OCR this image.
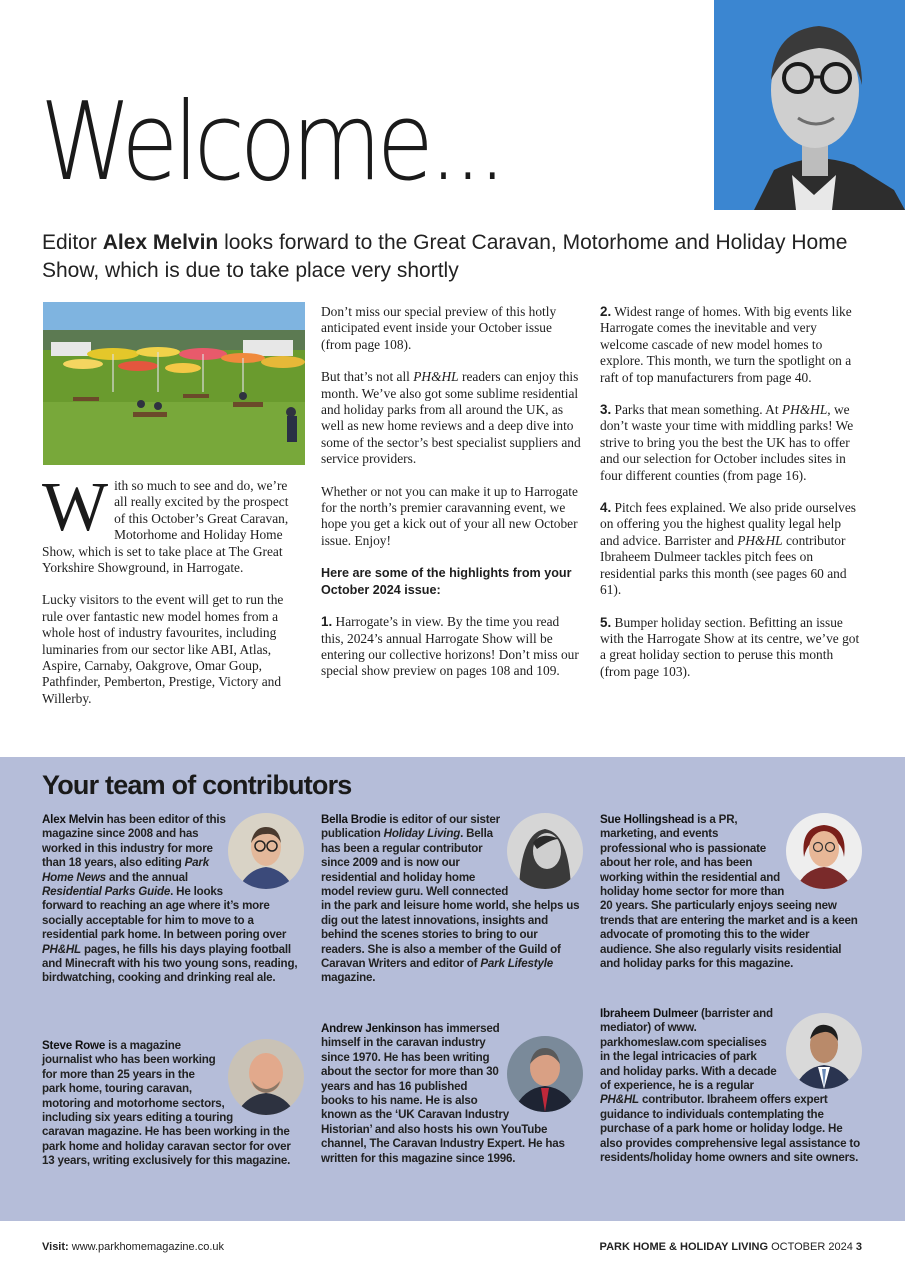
Welcome...
Editor Alex Melvin looks forward to the Great Caravan, Motorhome and Holiday Home Show, which is due to take place very shortly

With so much to see and do, we’re all really excited by the prospect of this October’s Great Caravan, Motorhome and Holiday Home Show, which is set to take place at The Great Yorkshire Showground, in Harrogate.

Lucky visitors to the event will get to run the rule over fantastic new model homes from a whole host of industry favourites, including luminaries from our sector like ABI, Atlas, Aspire, Carnaby, Oakgrove, Omar Goup, Pathfinder, Pemberton, Prestige, Victory and Willerby.

Don’t miss our special preview of this hotly anticipated event inside your October issue (from page 108).

But that’s not all PH&HL readers can enjoy this month. We’ve also got some sublime residential and holiday parks from all around the UK, as well as new home reviews and a deep dive into some of the sector’s best specialist suppliers and service providers.

Whether or not you can make it up to Harrogate for the north’s premier caravanning event, we hope you get a kick out of your all new October issue. Enjoy!

Here are some of the highlights from your October 2024 issue:

1. Harrogate’s in view. By the time you read this, 2024’s annual Harrogate Show will be entering our collective horizons! Don’t miss our special show preview on pages 108 and 109.

2. Widest range of homes. With big events like Harrogate comes the inevitable and very welcome cascade of new model homes to explore. This month, we turn the spotlight on a raft of top manufacturers from page 40.

3. Parks that mean something. At PH&HL, we don’t waste your time with middling parks! We strive to bring you the best the UK has to offer and our selection for October includes sites in four different counties (from page 16).

4. Pitch fees explained. We also pride ourselves on offering you the highest quality legal help and advice. Barrister and PH&HL contributor Ibraheem Dulmeer tackles pitch fees on residential parks this month (see pages 60 and 61).

5. Bumper holiday section. Befitting an issue with the Harrogate Show at its centre, we’ve got a great holiday section to peruse this month (from page 103).

Your team of contributors
Alex Melvin has been editor of this magazine since 2008 and has worked in this industry for more than 18 years, also editing Park Home News and the annual Residential Parks Guide. He looks forward to reaching an age where it’s more socially acceptable for him to move to a residential park home. In between poring over PH&HL pages, he fills his days playing football and Minecraft with his two young sons, reading, birdwatching, cooking and drinking real ale.
Steve Rowe is a magazine journalist who has been working for more than 25 years in the park home, touring caravan, motoring and motorhome sectors, including six years editing a touring caravan magazine. He has been working in the park home and holiday caravan sector for over 13 years, writing exclusively for this magazine.
Bella Brodie is editor of our sister publication Holiday Living. Bella has been a regular contributor since 2009 and is now our residential and holiday home model review guru. Well connected in the park and leisure home world, she helps us dig out the latest innovations, insights and behind the scenes stories to bring to our readers. She is also a member of the Guild of Caravan Writers and editor of Park Lifestyle magazine.
Andrew Jenkinson has immersed himself in the caravan industry since 1970. He has been writing about the sector for more than 30 years and has 16 published books to his name. He is also known as the ‘UK Caravan Industry Historian’ and also hosts his own YouTube channel, The Caravan Industry Expert. He has written for this magazine since 1996.
Sue Hollingshead is a PR, marketing, and events professional who is passionate about her role, and has been working within the residential and holiday home sector for more than 20 years. She particularly enjoys seeing new trends that are entering the market and is a keen advocate of promoting this to the wider audience. She also regularly visits residential and holiday parks for this magazine.
Ibraheem Dulmeer (barrister and mediator) of www. parkhomeslaw.com specialises in the legal intricacies of park and holiday parks. With a decade of experience, he is a regular PH&HL contributor. Ibraheem offers expert guidance to individuals contemplating the purchase of a park home or holiday lodge. He also provides comprehensive legal assistance to residents/holiday home owners and site owners.
Visit: www.parkhomemagazine.co.uk	PARK HOME & HOLIDAY LIVING OCTOBER 2024 3
